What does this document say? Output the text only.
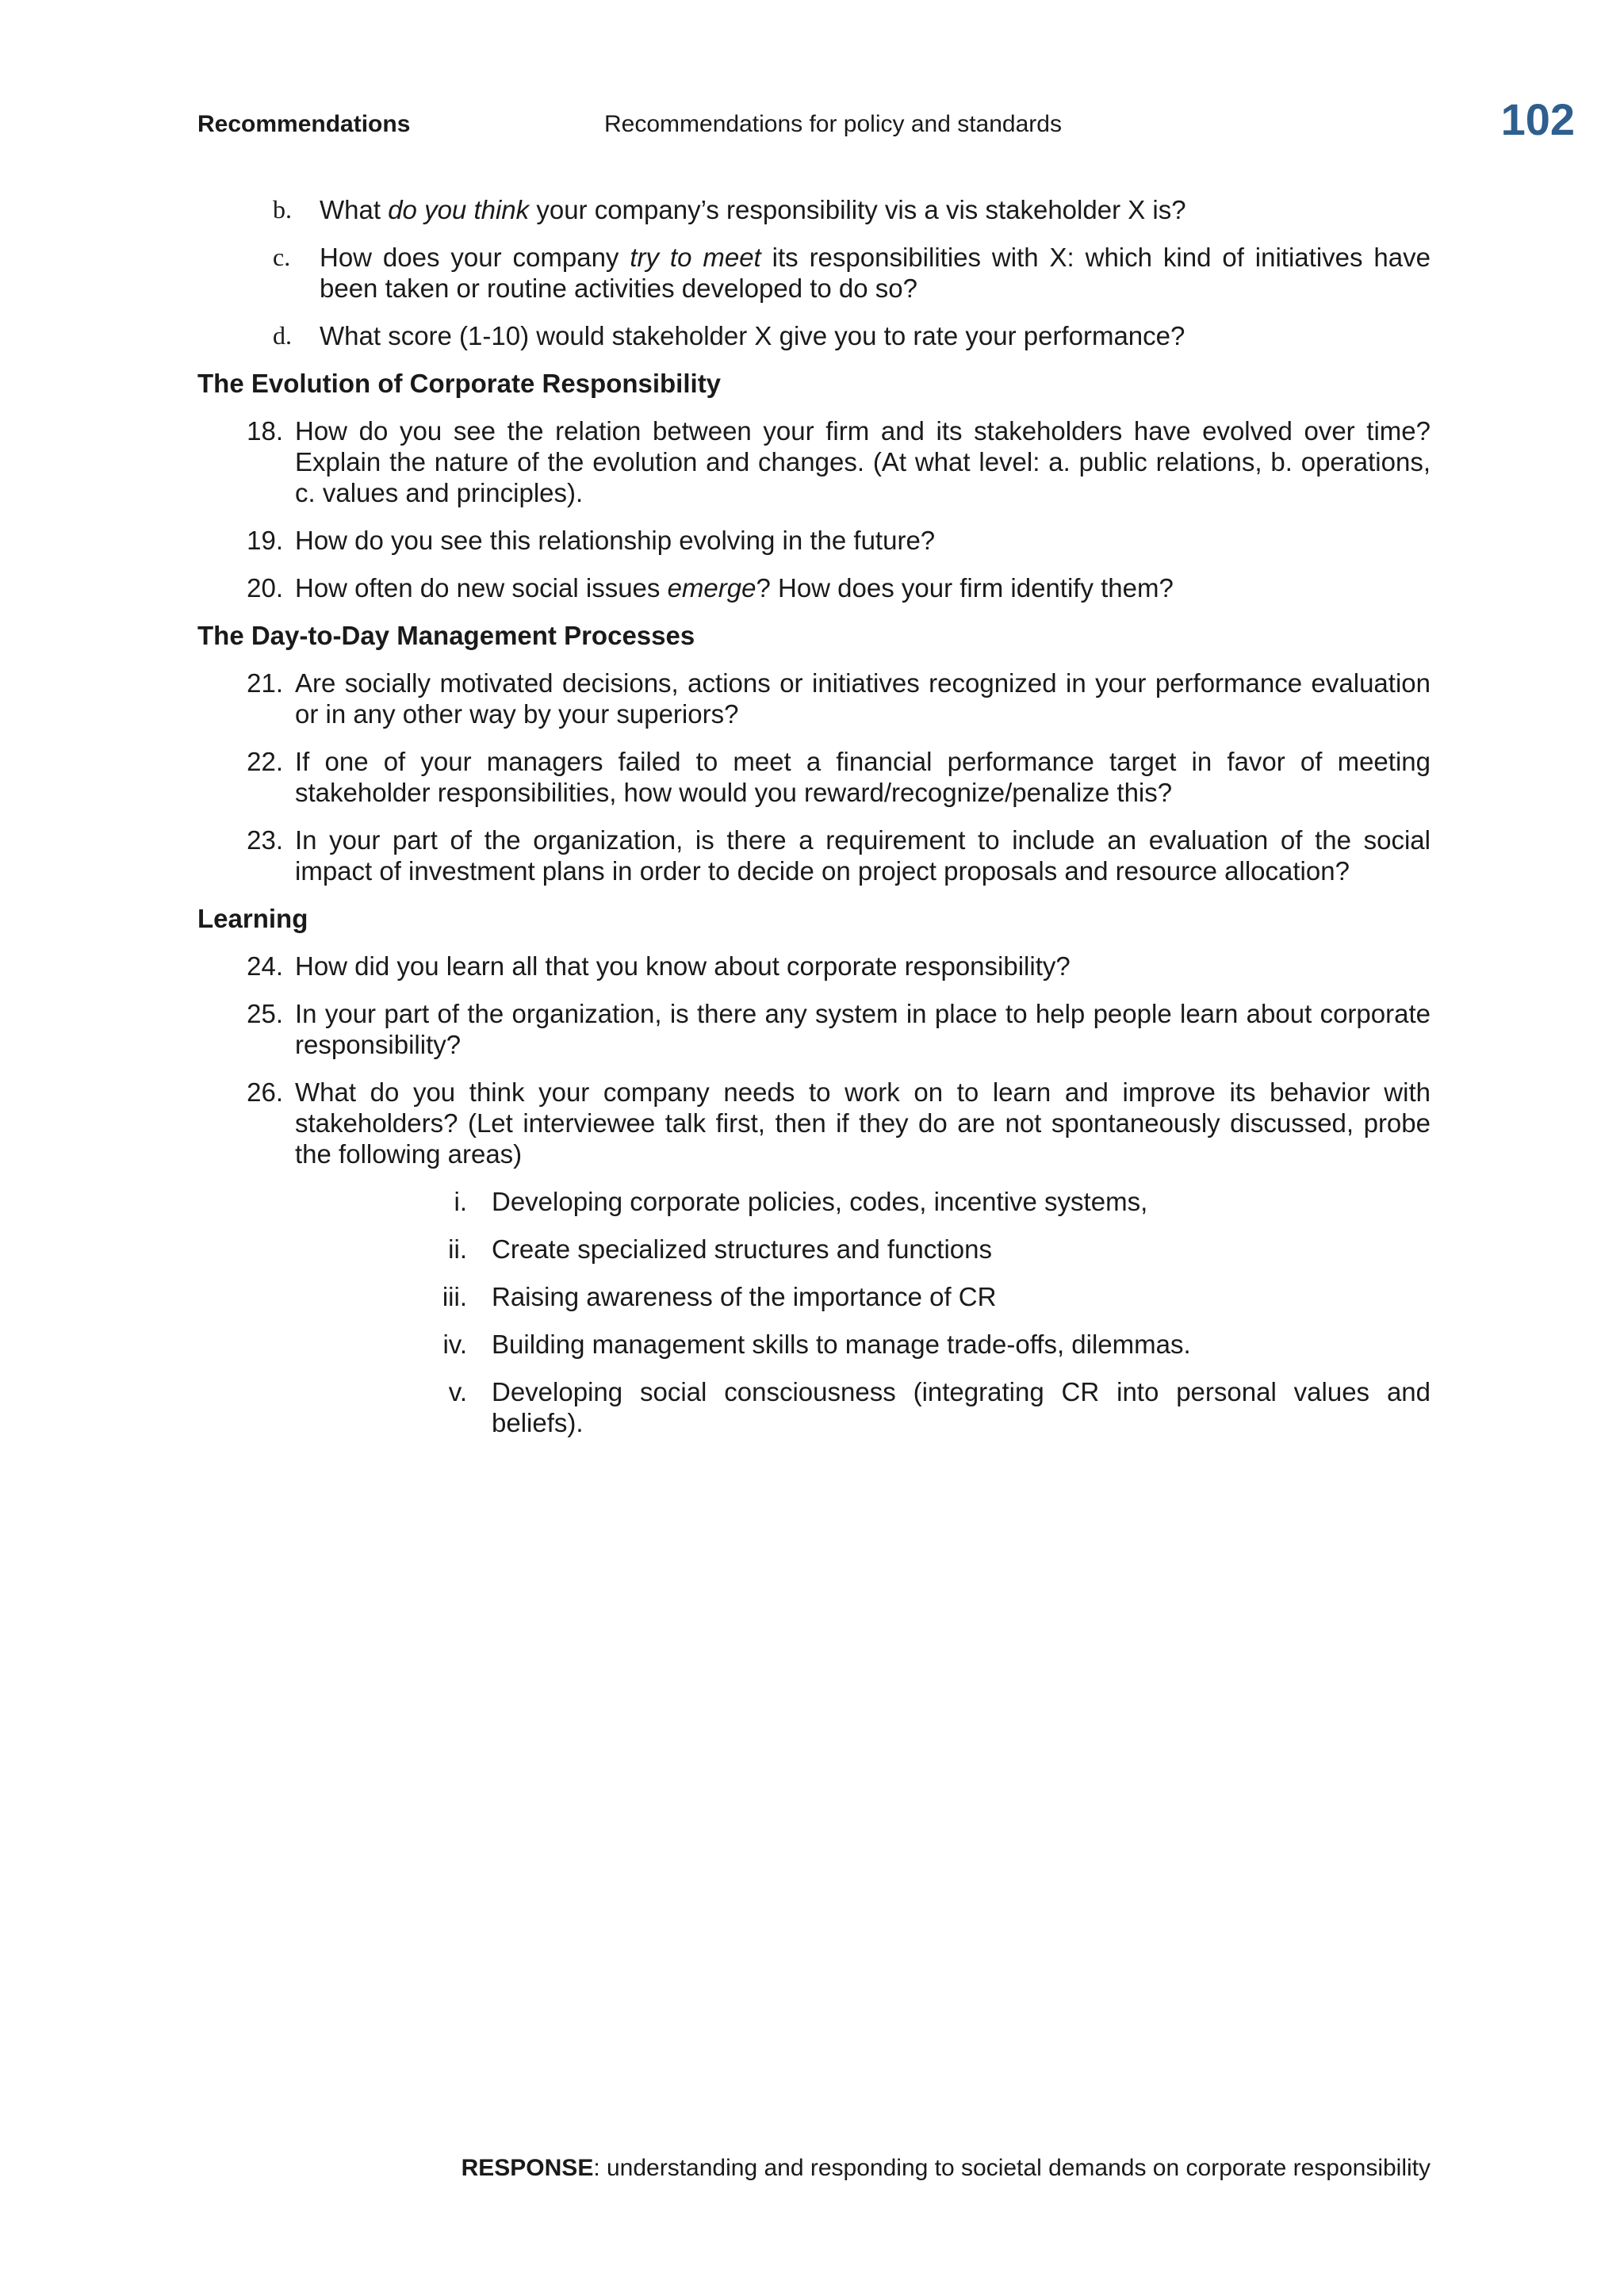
Recommendations	Recommendations for policy and standards	102
b. What do you think your company’s responsibility vis a vis stakeholder X is?
c. How does your company try to meet its responsibilities with X: which kind of initiatives have been taken or routine activities developed to do so?
d. What score (1-10) would stakeholder X give you to rate your performance?
The Evolution of Corporate Responsibility
18. How do you see the relation between your firm and its stakeholders have evolved over time? Explain the nature of the evolution and changes. (At what level: a. public relations, b. operations, c. values and principles).
19. How do you see this relationship evolving in the future?
20. How often do new social issues emerge? How does your firm identify them?
The Day-to-Day Management Processes
21. Are socially motivated decisions, actions or initiatives recognized in your performance evaluation or in any other way by your superiors?
22. If one of your managers failed to meet a financial performance target in favor of meeting stakeholder responsibilities, how would you reward/recognize/penalize this?
23. In your part of the organization, is there a requirement to include an evaluation of the social impact of investment plans in order to decide on project proposals and resource allocation?
Learning
24. How did you learn all that you know about corporate responsibility?
25. In your part of the organization, is there any system in place to help people learn about corporate responsibility?
26. What do you think your company needs to work on to learn and improve its behavior with stakeholders? (Let interviewee talk first, then if they do are not spontaneously discussed, probe the following areas)
i. Developing corporate policies, codes, incentive systems,
ii. Create specialized structures and functions
iii. Raising awareness of the importance of CR
iv. Building management skills to manage trade-offs, dilemmas.
v. Developing social consciousness (integrating CR into personal values and beliefs).
RESPONSE: understanding and responding to societal demands on corporate responsibility
